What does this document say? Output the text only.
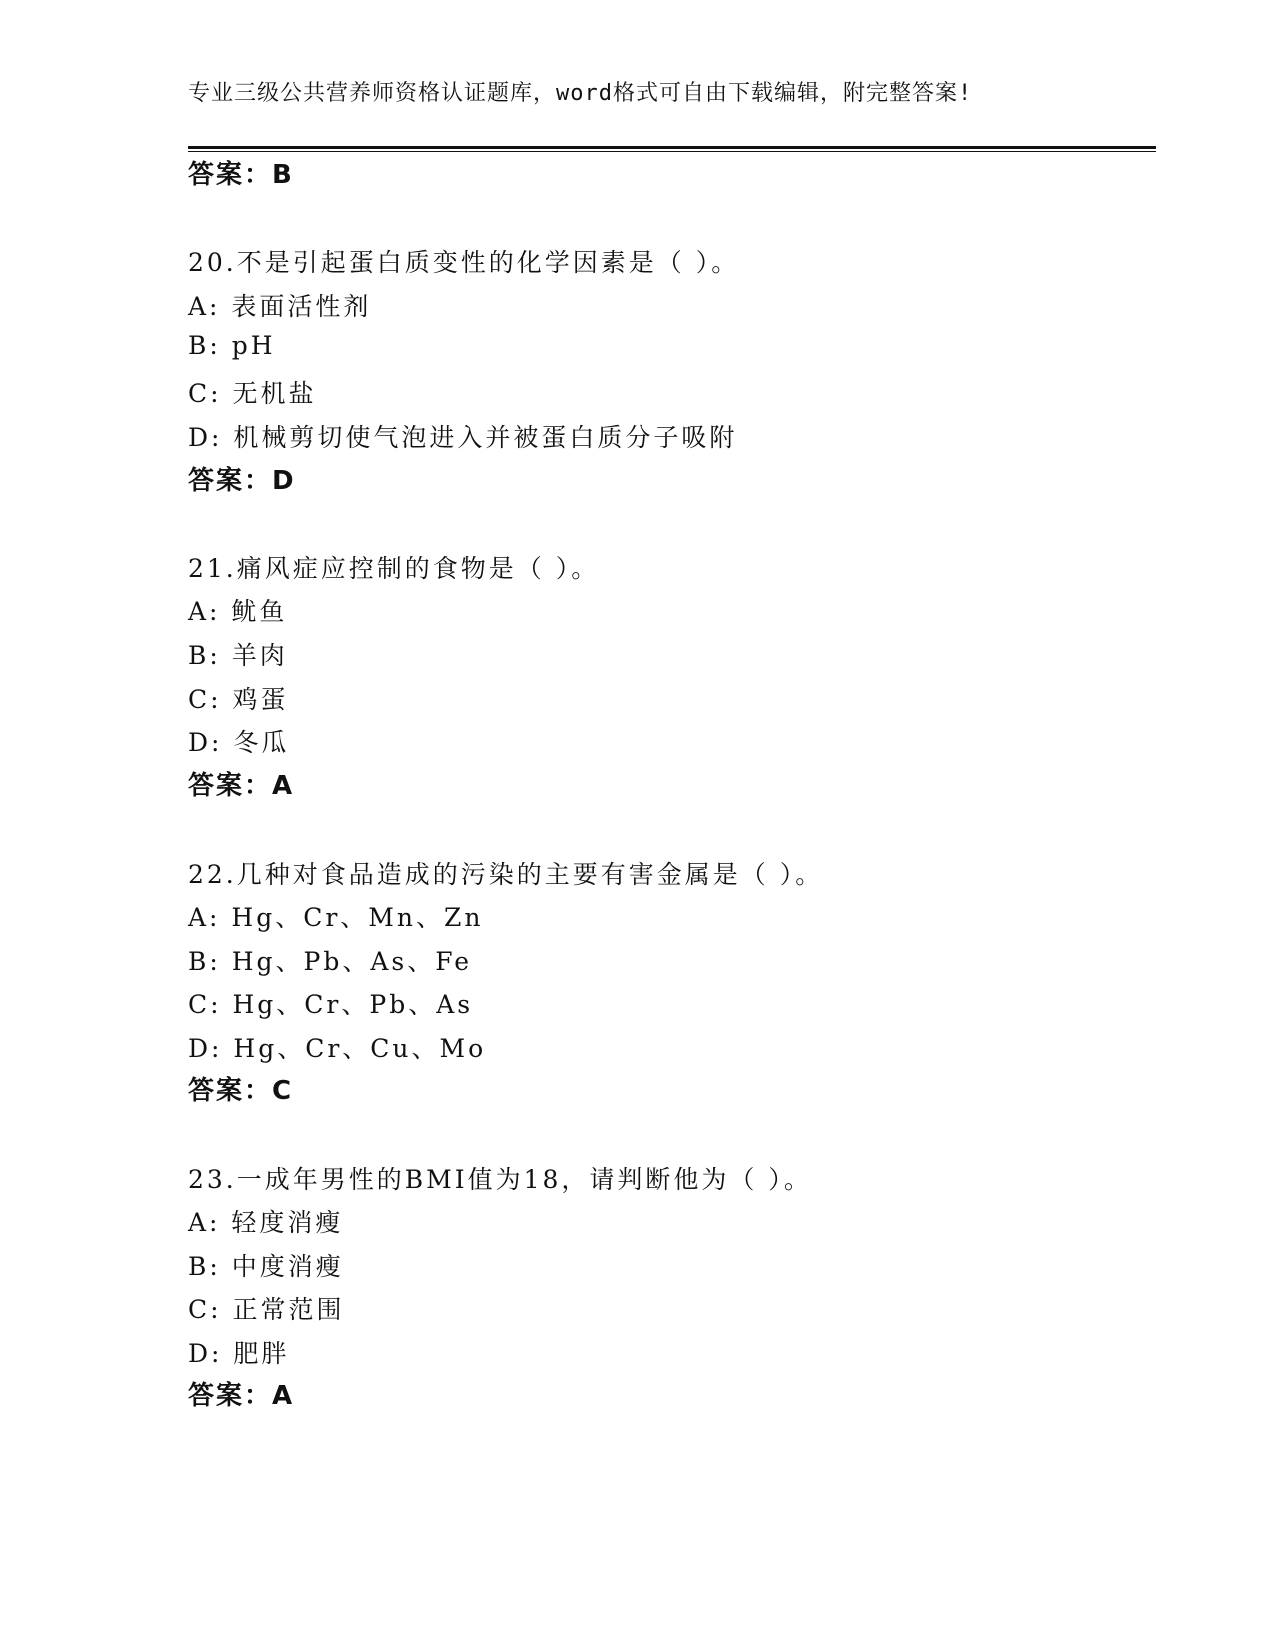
专业三级公共营养师资格认证题库，word格式可自由下载编辑，附完整答案!
答案：B
20.不是引起蛋白质变性的化学因素是（ ）。
A: 表面活性剂
B: pH
C: 无机盐
D: 机械剪切使气泡进入并被蛋白质分子吸附
答案：D
21.痛风症应控制的食物是（ ）。
A: 鱿鱼
B: 羊肉
C: 鸡蛋
D: 冬瓜
答案：A
22.几种对食品造成的污染的主要有害金属是（ ）。
A: Hg、Cr、Mn、Zn
B: Hg、Pb、As、Fe
C: Hg、Cr、Pb、As
D: Hg、Cr、Cu、Mo
答案：C
23.一成年男性的BMI值为18，请判断他为（ ）。
A: 轻度消瘦
B: 中度消瘦
C: 正常范围
D: 肥胖
答案：A
